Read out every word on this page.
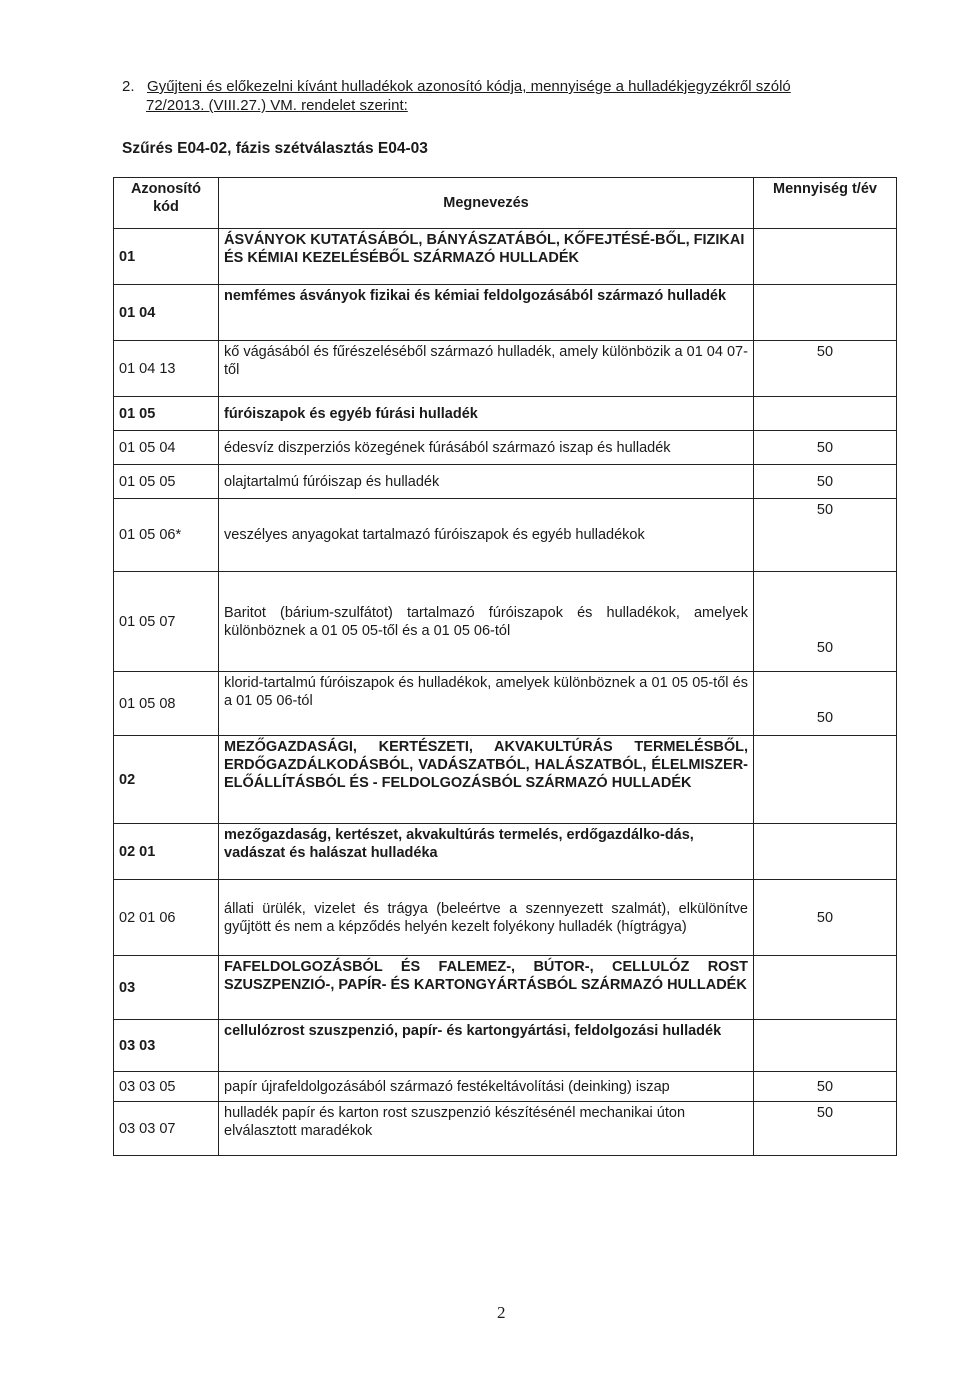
2. Gyűjteni és előkezelni kívánt hulladékok azonosító kódja, mennyisége a hulladékjegyzékről szóló
72/2013. (VIII.27.) VM. rendelet szerint:
Szűrés E04-02, fázis szétválasztás E04-03
Azonosító kód	Megnevezés	Mennyiség t/év
01	ÁSVÁNYOK KUTATÁSÁBÓL, BÁNYÁSZATÁBÓL, KŐFEJTÉSÉ-BŐL, FIZIKAI ÉS KÉMIAI KEZELÉSÉBŐL SZÁRMAZÓ HULLADÉK	
01 04	nemfémes ásványok fizikai és kémiai feldolgozásából származó hulladék	
01 04 13	kő vágásából és fűrészeléséből származó hulladék, amely különbözik a 01 04 07-től	50
01 05	fúróiszapok és egyéb fúrási hulladék	
01 05 04	édesvíz diszperziós közegének fúrásából származó iszap és hulladék	50
01 05 05	olajtartalmú fúróiszap és hulladék	50
01 05 06*	veszélyes anyagokat tartalmazó fúróiszapok és egyéb hulladékok	50
01 05 07	Baritot (bárium-szulfátot) tartalmazó fúróiszapok és hulladékok, amelyek különböznek a 01 05 05-től és a 01 05 06-tól	50
01 05 08	klorid-tartalmú fúróiszapok és hulladékok, amelyek különböznek a 01 05 05-től és a 01 05 06-tól	50
02	MEZŐGAZDASÁGI, KERTÉSZETI, AKVAKULTÚRÁS TERMELÉSBŐL, ERDŐGAZDÁLKODÁSBÓL, VADÁSZATBÓL, HALÁSZATBÓL, ÉLELMISZER- ELŐÁLLÍTÁSBÓL ÉS - FELDOLGOZÁSBÓL SZÁRMAZÓ HULLADÉK	
02 01	mezőgazdaság, kertészet, akvakultúrás termelés, erdőgazdálko-dás, vadászat és halászat hulladéka	
02 01 06	állati ürülék, vizelet és trágya (beleértve a szennyezett szalmát), elkülönítve gyűjtött és nem a képződés helyén kezelt folyékony hulladék (hígtrágya)	50
03	FAFELDOLGOZÁSBÓL ÉS FALEMEZ-, BÚTOR-, CELLULÓZ ROST SZUSZPENZIÓ-, PAPÍR- ÉS KARTONGYÁRTÁSBÓL SZÁRMAZÓ HULLADÉK	
03 03	cellulózrost szuszpenzió, papír- és kartongyártási, feldolgozási hulladék	
03 03 05	papír újrafeldolgozásából származó festékeltávolítási (deinking) iszap	50
03 03 07	hulladék papír és karton rost szuszpenzió készítésénél mechanikai úton elválasztott maradékok	50
2
